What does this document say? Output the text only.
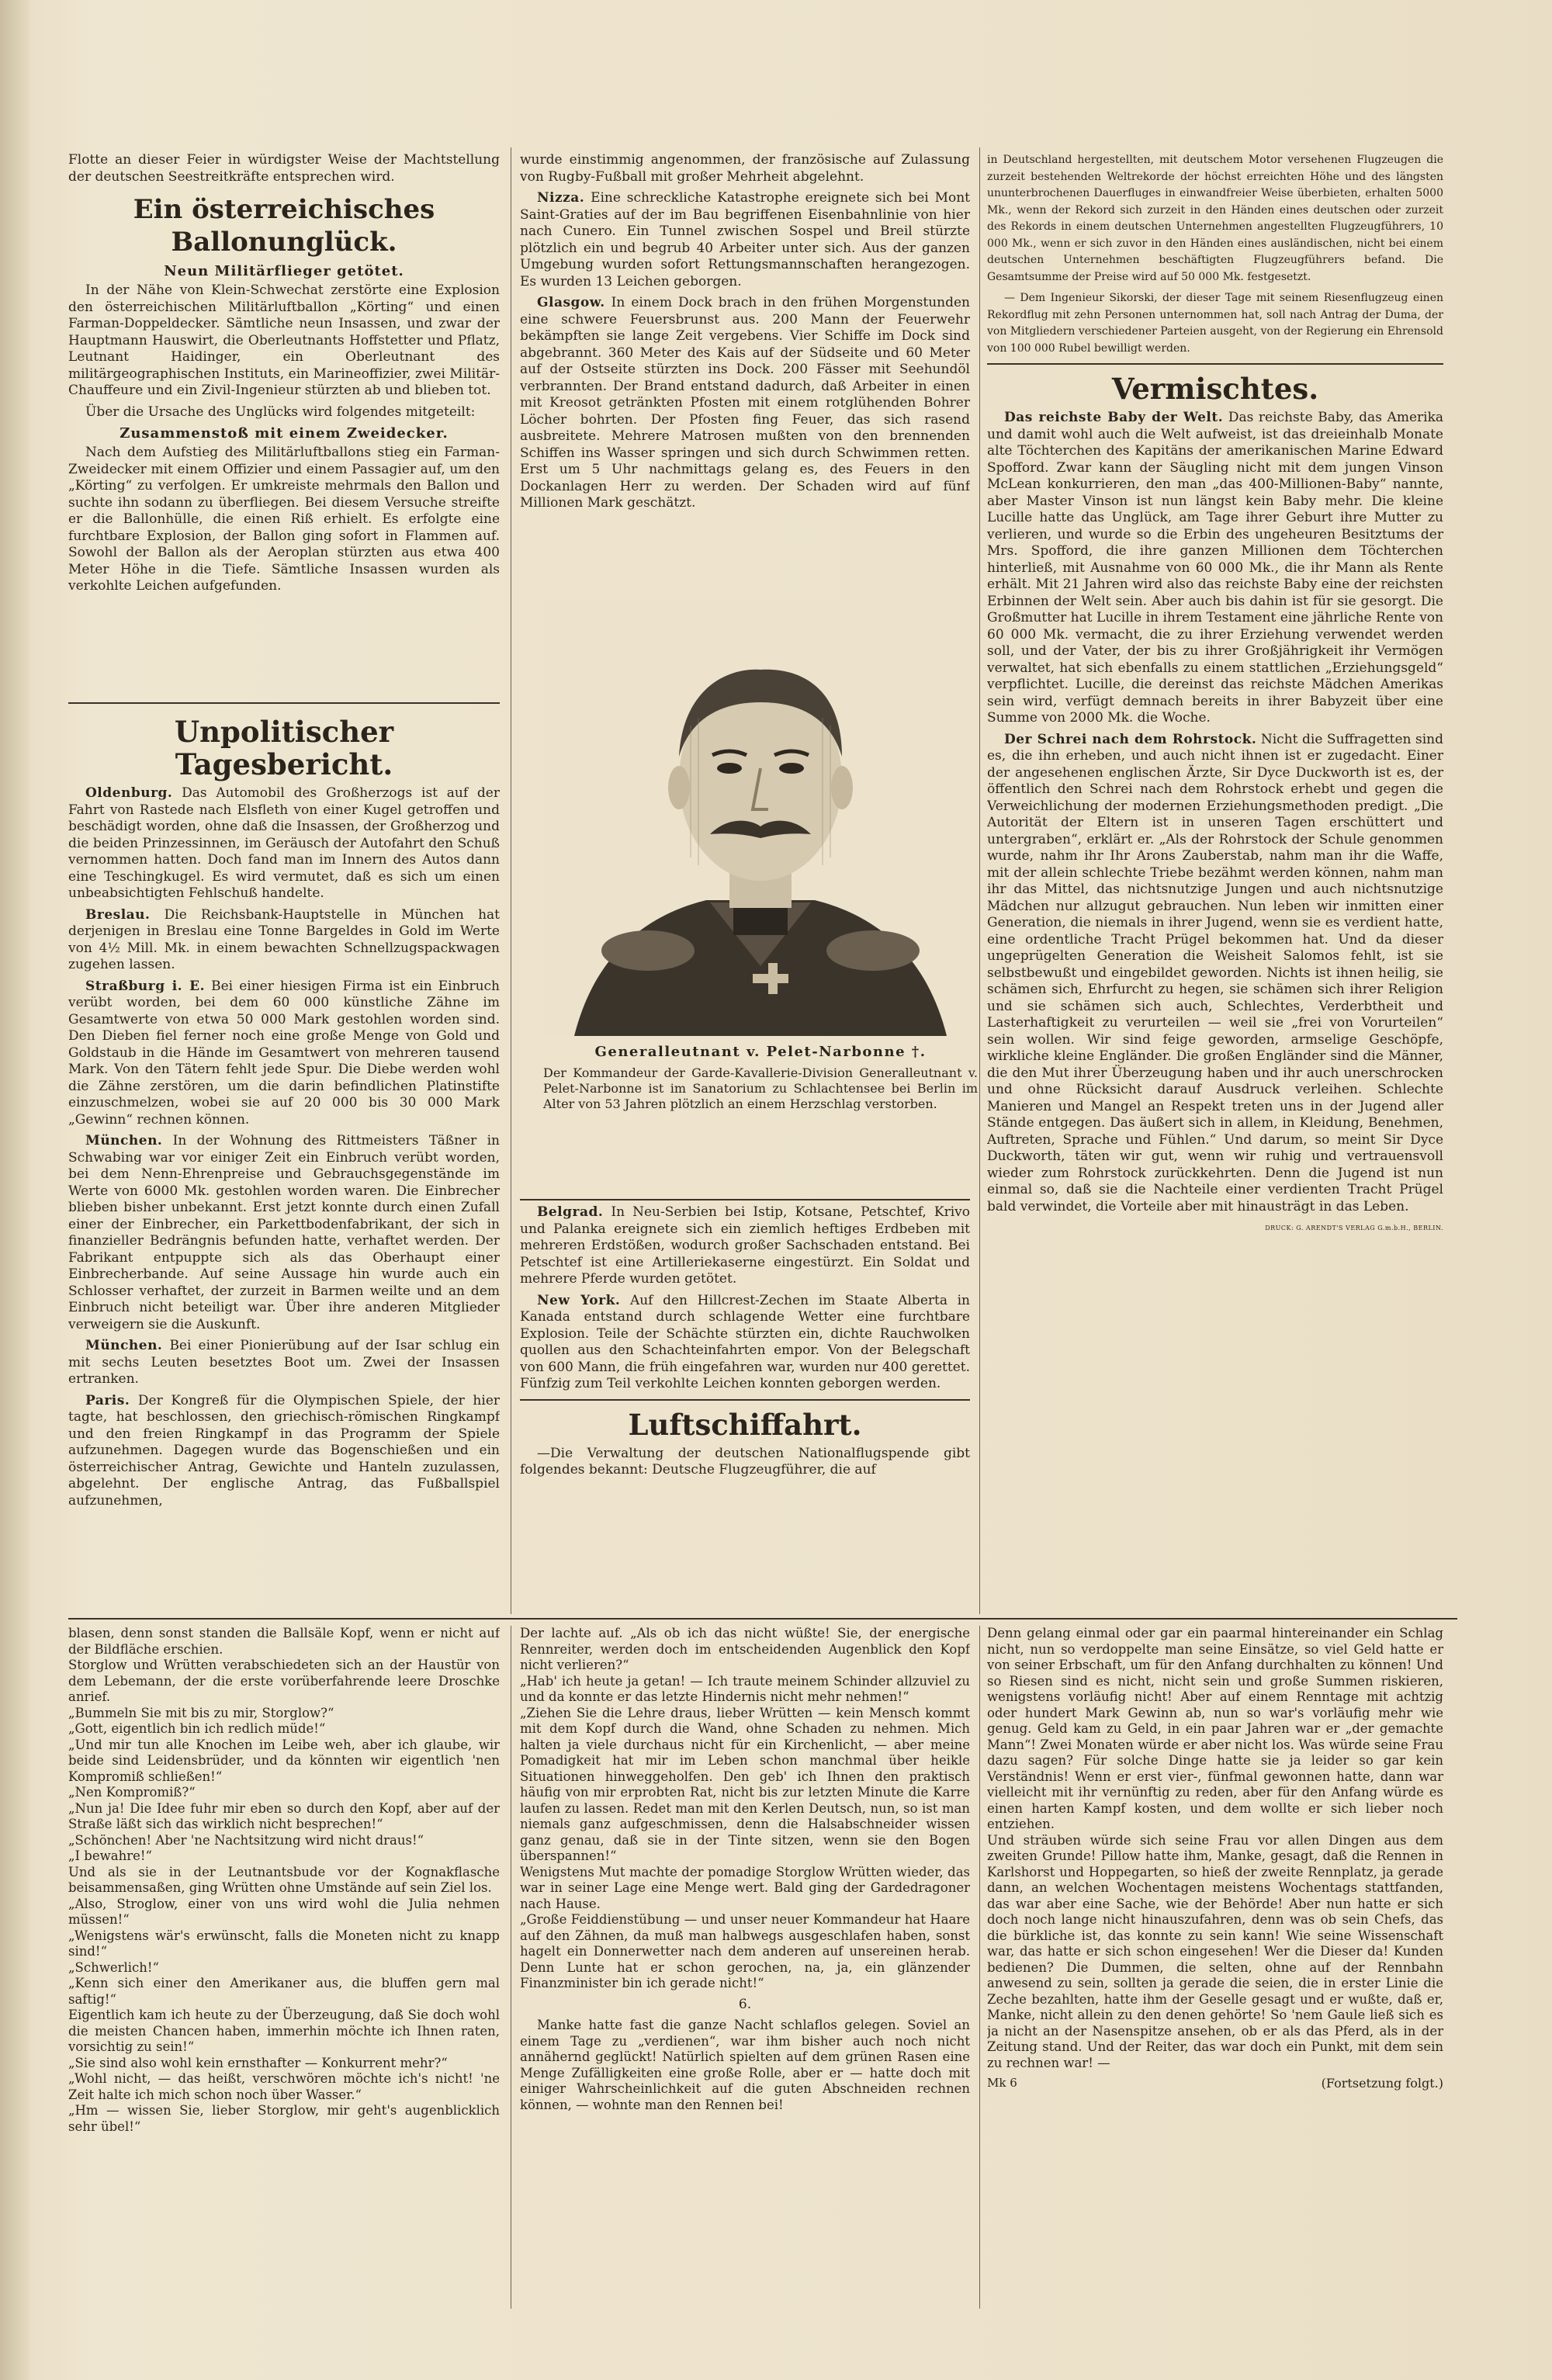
Flotte an dieser Feier in würdigster Weise der Machtstellung der deutschen Seestreitkräfte entsprechen wird.

Ein österreichisches Ballonunglück.
Neun Militärflieger getötet.

In der Nähe von Klein-Schwechat zerstörte eine Explosion den österreichischen Militärluftballon „Körting“ und einen Farman-Doppeldecker. Sämtliche neun Insassen, und zwar der Hauptmann Hauswirt, die Oberleutnants Hoffstetter und Pflatz, Leutnant Haidinger, ein Oberleutnant des militärgeographischen Instituts, ein Marineoffizier, zwei Militär-Chauffeure und ein Zivil-Ingenieur stürzten ab und blieben tot.

Über die Ursache des Unglücks wird folgendes mitgeteilt:

Zusammenstoß mit einem Zweidecker.

Nach dem Aufstieg des Militärluftballons stieg ein Farman-Zweidecker mit einem Offizier und einem Passagier auf, um den „Körting“ zu verfolgen. Er umkreiste mehrmals den Ballon und suchte ihn sodann zu überfliegen. Bei diesem Versuche streifte er die Ballonhülle, die einen Riß erhielt. Es erfolgte eine furchtbare Explosion, der Ballon ging sofort in Flammen auf. Sowohl der Ballon als der Aeroplan stürzten aus etwa 400 Meter Höhe in die Tiefe. Sämtliche Insassen wurden als verkohlte Leichen aufgefunden.

Unpolitischer Tagesbericht.

Oldenburg. Das Automobil des Großherzogs ist auf der Fahrt von Rastede nach Elsfleth von einer Kugel getroffen und beschädigt worden, ohne daß die Insassen, der Großherzog und die beiden Prinzessinnen, im Geräusch der Autofahrt den Schuß vernommen hatten. Doch fand man im Innern des Autos dann eine Teschingkugel. Es wird vermutet, daß es sich um einen unbeabsichtigten Fehlschuß handelte.

Breslau. Die Reichsbank-Hauptstelle in München hat derjenigen in Breslau eine Tonne Bargeldes in Gold im Werte von 4½ Mill. Mk. in einem bewachten Schnellzugspackwagen zugehen lassen.

Straßburg i. E. Bei einer hiesigen Firma ist ein Einbruch verübt worden, bei dem 60 000 künstliche Zähne im Gesamtwerte von etwa 50 000 Mark gestohlen worden sind. Den Dieben fiel ferner noch eine große Menge von Gold und Goldstaub in die Hände im Gesamtwert von mehreren tausend Mark. Von den Tätern fehlt jede Spur. Die Diebe werden wohl die Zähne zerstören, um die darin befindlichen Platinstifte einzuschmelzen, wobei sie auf 20 000 bis 30 000 Mark „Gewinn“ rechnen können.

München. In der Wohnung des Rittmeisters Täßner in Schwabing war vor einiger Zeit ein Einbruch verübt worden, bei dem Nenn-Ehrenpreise und Gebrauchsgegenstände im Werte von 6000 Mk. gestohlen worden waren. Die Einbrecher blieben bisher unbekannt. Erst jetzt konnte durch einen Zufall einer der Einbrecher, ein Parkettbodenfabrikant, der sich in finanzieller Bedrängnis befunden hatte, verhaftet werden. Der Fabrikant entpuppte sich als das Oberhaupt einer Einbrecherbande. Auf seine Aussage hin wurde auch ein Schlosser verhaftet, der zurzeit in Barmen weilte und an dem Einbruch nicht beteiligt war. Über ihre anderen Mitglieder verweigern sie die Auskunft.

München. Bei einer Pionierübung auf der Isar schlug ein mit sechs Leuten besetztes Boot um. Zwei der Insassen ertranken.

Paris. Der Kongreß für die Olympischen Spiele, der hier tagte, hat beschlossen, den griechisch-römischen Ringkampf und den freien Ringkampf in das Programm der Spiele aufzunehmen. Dagegen wurde das Bogenschießen und ein österreichischer Antrag, Gewichte und Hanteln zuzulassen, abgelehnt. Der englische Antrag, das Fußballspiel aufzunehmen,

wurde einstimmig angenommen, der französische auf Zulassung von Rugby-Fußball mit großer Mehrheit abgelehnt.

Nizza. Eine schreckliche Katastrophe ereignete sich bei Mont Saint-Graties auf der im Bau begriffenen Eisenbahnlinie von hier nach Cunero. Ein Tunnel zwischen Sospel und Breil stürzte plötzlich ein und begrub 40 Arbeiter unter sich. Aus der ganzen Umgebung wurden sofort Rettungsmannschaften herangezogen. Es wurden 13 Leichen geborgen.

Glasgow. In einem Dock brach in den frühen Morgenstunden eine schwere Feuersbrunst aus. 200 Mann der Feuerwehr bekämpften sie lange Zeit vergebens. Vier Schiffe im Dock sind abgebrannt. 360 Meter des Kais auf der Südseite und 60 Meter auf der Ostseite stürzten ins Dock. 200 Fässer mit Seehundöl verbrannten. Der Brand entstand dadurch, daß Arbeiter in einen mit Kreosot getränkten Pfosten mit einem rotglühenden Bohrer Löcher bohrten. Der Pfosten fing Feuer, das sich rasend ausbreitete. Mehrere Matrosen mußten von den brennenden Schiffen ins Wasser springen und sich durch Schwimmen retten. Erst um 5 Uhr nachmittags gelang es, des Feuers in den Dockanlagen Herr zu werden. Der Schaden wird auf fünf Millionen Mark geschätzt.

Generalleutnant v. Pelet-Narbonne †.

Der Kommandeur der Garde-Kavallerie-Division Generalleutnant v. Pelet-Narbonne ist im Sanatorium zu Schlachtensee bei Berlin im Alter von 53 Jahren plötzlich an einem Herzschlag verstorben.

Belgrad. In Neu-Serbien bei Istip, Kotsane, Petschtef, Krivo und Palanka ereignete sich ein ziemlich heftiges Erdbeben mit mehreren Erdstößen, wodurch großer Sachschaden entstand. Bei Petschtef ist eine Artilleriekaserne eingestürzt. Ein Soldat und mehrere Pferde wurden getötet.

New York. Auf den Hillcrest-Zechen im Staate Alberta in Kanada entstand durch schlagende Wetter eine furchtbare Explosion. Teile der Schächte stürzten ein, dichte Rauchwolken quollen aus den Schachteinfahrten empor. Von der Belegschaft von 600 Mann, die früh eingefahren war, wurden nur 400 gerettet. Fünfzig zum Teil verkohlte Leichen konnten geborgen werden.

Luftschiffahrt.

—Die Verwaltung der deutschen Nationalflugspende gibt folgendes bekannt: Deutsche Flugzeugführer, die auf

in Deutschland hergestellten, mit deutschem Motor versehenen Flugzeugen die zurzeit bestehenden Weltrekorde der höchst erreichten Höhe und des längsten ununterbrochenen Dauerfluges in einwandfreier Weise überbieten, erhalten 5000 Mk., wenn der Rekord sich zurzeit in den Händen eines deutschen oder zurzeit des Rekords in einem deutschen Unternehmen angestellten Flugzeugführers, 10 000 Mk., wenn er sich zuvor in den Händen eines ausländischen, nicht bei einem deutschen Unternehmen beschäftigten Flugzeugführers befand. Die Gesamtsumme der Preise wird auf 50 000 Mk. festgesetzt.

— Dem Ingenieur Sikorski, der dieser Tage mit seinem Riesenflugzeug einen Rekordflug mit zehn Personen unternommen hat, soll nach Antrag der Duma, der von Mitgliedern verschiedener Parteien ausgeht, von der Regierung ein Ehrensold von 100 000 Rubel bewilligt werden.

Vermischtes.

Das reichste Baby der Welt. Das reichste Baby, das Amerika und damit wohl auch die Welt aufweist, ist das dreieinhalb Monate alte Töchterchen des Kapitäns der amerikanischen Marine Edward Spofford. Zwar kann der Säugling nicht mit dem jungen Vinson McLean konkurrieren, den man „das 400-Millionen-Baby“ nannte, aber Master Vinson ist nun längst kein Baby mehr. Die kleine Lucille hatte das Unglück, am Tage ihrer Geburt ihre Mutter zu verlieren, und wurde so die Erbin des ungeheuren Besitztums der Mrs. Spofford, die ihre ganzen Millionen dem Töchterchen hinterließ, mit Ausnahme von 60 000 Mk., die ihr Mann als Rente erhält. Mit 21 Jahren wird also das reichste Baby eine der reichsten Erbinnen der Welt sein. Aber auch bis dahin ist für sie gesorgt. Die Großmutter hat Lucille in ihrem Testament eine jährliche Rente von 60 000 Mk. vermacht, die zu ihrer Erziehung verwendet werden soll, und der Vater, der bis zu ihrer Großjährigkeit ihr Vermögen verwaltet, hat sich ebenfalls zu einem stattlichen „Erziehungsgeld“ verpflichtet. Lucille, die dereinst das reichste Mädchen Amerikas sein wird, verfügt demnach bereits in ihrer Babyzeit über eine Summe von 2000 Mk. die Woche.

Der Schrei nach dem Rohrstock. Nicht die Suffragetten sind es, die ihn erheben, und auch nicht ihnen ist er zugedacht. Einer der angesehenen englischen Ärzte, Sir Dyce Duckworth ist es, der öffentlich den Schrei nach dem Rohrstock erhebt und gegen die Verweichlichung der modernen Erziehungsmethoden predigt. „Die Autorität der Eltern ist in unseren Tagen erschüttert und untergraben“, erklärt er. „Als der Rohrstock der Schule genommen wurde, nahm ihr Ihr Arons Zauberstab, nahm man ihr die Waffe, mit der allein schlechte Triebe bezähmt werden können, nahm man ihr das Mittel, das nichtsnutzige Jungen und auch nichtsnutzige Mädchen nur allzugut gebrauchen. Nun leben wir inmitten einer Generation, die niemals in ihrer Jugend, wenn sie es verdient hatte, eine ordentliche Tracht Prügel bekommen hat. Und da dieser ungeprügelten Generation die Weisheit Salomos fehlt, ist sie selbstbewußt und eingebildet geworden. Nichts ist ihnen heilig, sie schämen sich, Ehrfurcht zu hegen, sie schämen sich ihrer Religion und sie schämen sich auch, Schlechtes, Verderbtheit und Lasterhaftigkeit zu verurteilen — weil sie „frei von Vorurteilen“ sein wollen. Wir sind feige geworden, armselige Geschöpfe, wirkliche kleine Engländer. Die großen Engländer sind die Männer, die den Mut ihrer Überzeugung haben und ihr auch unerschrocken und ohne Rücksicht darauf Ausdruck verleihen. Schlechte Manieren und Mangel an Respekt treten uns in der Jugend aller Stände entgegen. Das äußert sich in allem, in Kleidung, Benehmen, Auftreten, Sprache und Fühlen.“ Und darum, so meint Sir Dyce Duckworth, täten wir gut, wenn wir ruhig und vertrauensvoll wieder zum Rohrstock zurückkehrten. Denn die Jugend ist nun einmal so, daß sie die Nachteile einer verdienten Tracht Prügel bald verwindet, die Vorteile aber mit hinausträgt in das Leben.

DRUCK: G. ARENDT'S VERLAG G.m.b.H., BERLIN.

blasen, denn sonst standen die Ballsäle Kopf, wenn er nicht auf der Bildfläche erschien.
Storglow und Wrütten verabschiedeten sich an der Haustür von dem Lebemann, der die erste vorüberfahrende leere Droschke anrief.
„Bummeln Sie mit bis zu mir, Storglow?“
„Gott, eigentlich bin ich redlich müde!“
„Und mir tun alle Knochen im Leibe weh, aber ich glaube, wir beide sind Leidensbrüder, und da könnten wir eigentlich 'nen Kompromiß schließen!“
„Nen Kompromiß?“
„Nun ja! Die Idee fuhr mir eben so durch den Kopf, aber auf der Straße läßt sich das wirklich nicht besprechen!“
„Schönchen! Aber 'ne Nachtsitzung wird nicht draus!“
„I bewahre!“
Und als sie in der Leutnantsbude vor der Kognakflasche beisammensaßen, ging Wrütten ohne Umstände auf sein Ziel los.
„Also, Stroglow, einer von uns wird wohl die Julia nehmen müssen!“
„Wenigstens wär's erwünscht, falls die Moneten nicht zu knapp sind!“
„Schwerlich!“
„Kenn sich einer den Amerikaner aus, die bluffen gern mal saftig!“
Eigentlich kam ich heute zu der Überzeugung, daß Sie doch wohl die meisten Chancen haben, immerhin möchte ich Ihnen raten, vorsichtig zu sein!“
„Sie sind also wohl kein ernsthafter — Konkurrent mehr?“
„Wohl nicht, — das heißt, verschwören möchte ich's nicht! 'ne Zeit halte ich mich schon noch über Wasser.“
„Hm — wissen Sie, lieber Storglow, mir geht's augenblicklich sehr übel!“

Der lachte auf. „Als ob ich das nicht wüßte! Sie, der energische Rennreiter, werden doch im entscheidenden Augenblick den Kopf nicht verlieren?“
„Hab' ich heute ja getan! — Ich traute meinem Schinder allzuviel zu und da konnte er das letzte Hindernis nicht mehr nehmen!“
„Ziehen Sie die Lehre draus, lieber Wrütten — kein Mensch kommt mit dem Kopf durch die Wand, ohne Schaden zu nehmen. Mich halten ja viele durchaus nicht für ein Kirchenlicht, — aber meine Pomadigkeit hat mir im Leben schon manchmal über heikle Situationen hinweggeholfen. Den geb' ich Ihnen den praktisch häufig von mir erprobten Rat, nicht bis zur letzten Minute die Karre laufen zu lassen. Redet man mit den Kerlen Deutsch, nun, so ist man niemals ganz aufgeschmissen, denn die Halsabschneider wissen ganz genau, daß sie in der Tinte sitzen, wenn sie den Bogen überspannen!“
Wenigstens Mut machte der pomadige Storglow Wrütten wieder, das war in seiner Lage eine Menge wert. Bald ging der Gardedragoner nach Hause.
„Große Feiddienstübung — und unser neuer Kommandeur hat Haare auf den Zähnen, da muß man halbwegs ausgeschlafen haben, sonst hagelt ein Donnerwetter nach dem anderen auf unsereinen herab. Denn Lunte hat er schon gerochen, na, ja, ein glänzender Finanzminister bin ich gerade nicht!“

6.

Manke hatte fast die ganze Nacht schlaflos gelegen. Soviel an einem Tage zu „verdienen“, war ihm bisher auch noch nicht annähernd geglückt! Natürlich spielten auf dem grünen Rasen eine Menge Zufälligkeiten eine große Rolle, aber er — hatte doch mit einiger Wahrscheinlichkeit auf die guten Abschneiden rechnen können, — wohnte man den Rennen bei!

Denn gelang einmal oder gar ein paarmal hintereinander ein Schlag nicht, nun so verdoppelte man seine Einsätze, so viel Geld hatte er von seiner Erbschaft, um für den Anfang durchhalten zu können! Und so Riesen sind es nicht, nicht sein und große Summen riskieren, wenigstens vorläufig nicht! Aber auf einem Renntage mit achtzig oder hundert Mark Gewinn ab, nun so war's vorläufig mehr wie genug. Geld kam zu Geld, in ein paar Jahren war er „der gemachte Mann“! Zwei Monaten würde er aber nicht los. Was würde seine Frau dazu sagen? Für solche Dinge hatte sie ja leider so gar kein Verständnis! Wenn er erst vier-, fünfmal gewonnen hatte, dann war vielleicht mit ihr vernünftig zu reden, aber für den Anfang würde es einen harten Kampf kosten, und dem wollte er sich lieber noch entziehen.
Und sträuben würde sich seine Frau vor allen Dingen aus dem zweiten Grunde! Pillow hatte ihm, Manke, gesagt, daß die Rennen in Karlshorst und Hoppegarten, so hieß der zweite Rennplatz, ja gerade dann, an welchen Wochentagen meistens Wochentags stattfanden, das war aber eine Sache, wie der Behörde! Aber nun hatte er sich doch noch lange nicht hinauszufahren, denn was ob sein Chefs, das die bürkliche ist, das konnte zu sein kann! Wie seine Wissenschaft war, das hatte er sich schon eingesehen! Wer die Dieser da! Kunden bedienen? Die Dummen, die selten, ohne auf der Rennbahn anwesend zu sein, sollten ja gerade die seien, die in erster Linie die Zeche bezahlten, hatte ihm der Geselle gesagt und er wußte, daß er, Manke, nicht allein zu den denen gehörte! So 'nem Gaule ließ sich es ja nicht an der Nasenspitze ansehen, ob er als das Pferd, als in der Zeitung stand. Und der Reiter, das war doch ein Punkt, mit dem sein zu rechnen war! —

Mk 6	(Fortsetzung folgt.)
